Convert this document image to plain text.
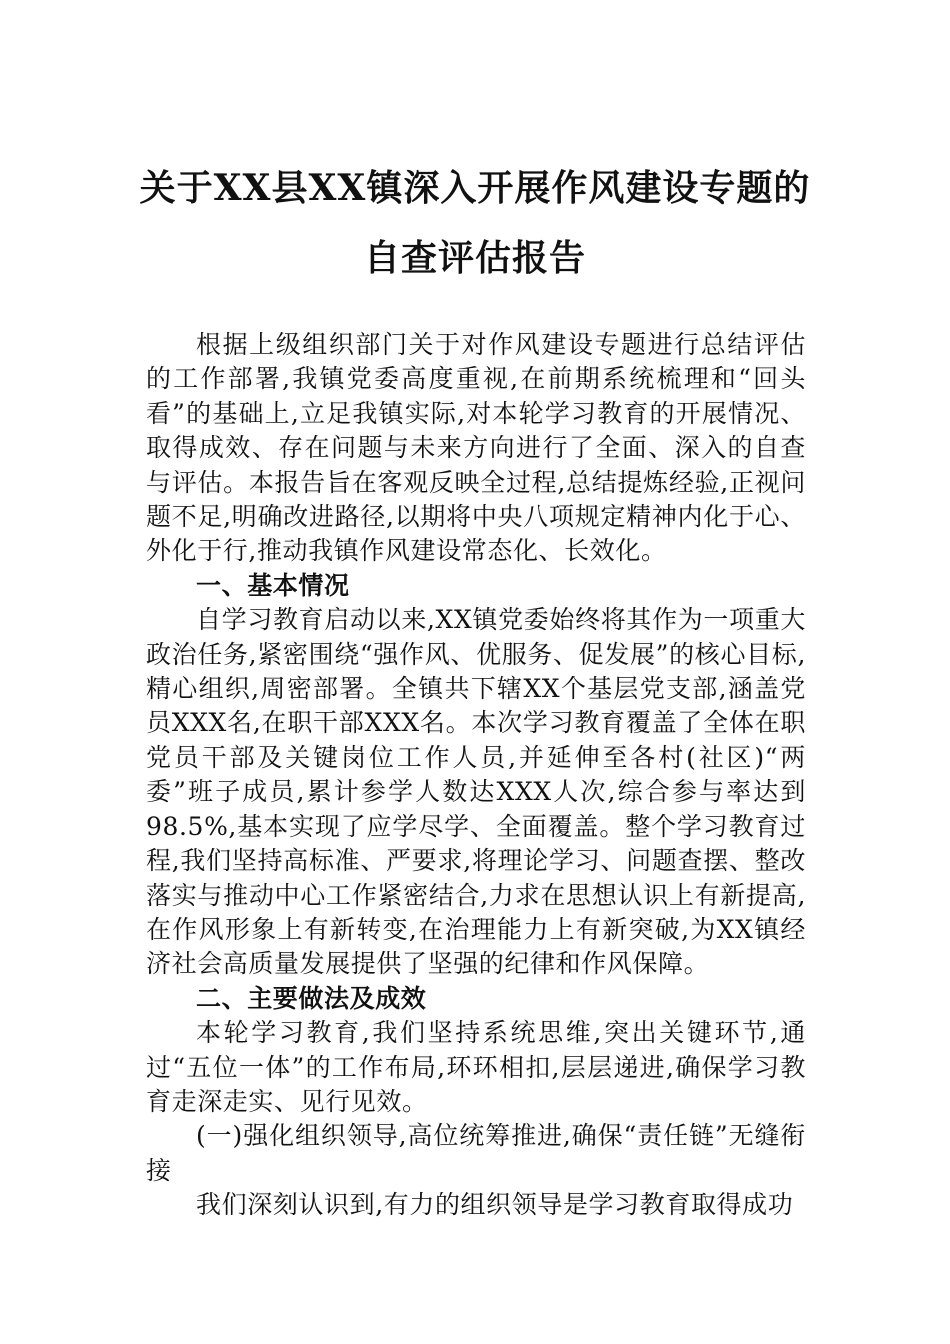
关于XX县XX镇深入开展作风建设专题的
自查评估报告

根据上级组织部门关于对作风建设专题进行总结评估的工作部署,我镇党委高度重视,在前期系统梳理和“回头看”的基础上,立足我镇实际,对本轮学习教育的开展情况、取得成效、存在问题与未来方向进行了全面、深入的自查与评估。本报告旨在客观反映全过程,总结提炼经验,正视问题不足,明确改进路径,以期将中央八项规定精神内化于心、外化于行,推动我镇作风建设常态化、长效化。

一、基本情况

自学习教育启动以来,XX镇党委始终将其作为一项重大政治任务,紧密围绕“强作风、优服务、促发展”的核心目标,精心组织,周密部署。全镇共下辖XX个基层党支部,涵盖党员XXX名,在职干部XXX名。本次学习教育覆盖了全体在职党员干部及关键岗位工作人员,并延伸至各村(社区)“两委”班子成员,累计参学人数达XXX人次,综合参与率达到98.5%,基本实现了应学尽学、全面覆盖。整个学习教育过程,我们坚持高标准、严要求,将理论学习、问题查摆、整改落实与推动中心工作紧密结合,力求在思想认识上有新提高,在作风形象上有新转变,在治理能力上有新突破,为XX镇经济社会高质量发展提供了坚强的纪律和作风保障。

二、主要做法及成效

本轮学习教育,我们坚持系统思维,突出关键环节,通过“五位一体”的工作布局,环环相扣,层层递进,确保学习教育走深走实、见行见效。

(一)强化组织领导,高位统筹推进,确保“责任链”无缝衔接

我们深刻认识到,有力的组织领导是学习教育取得成功
